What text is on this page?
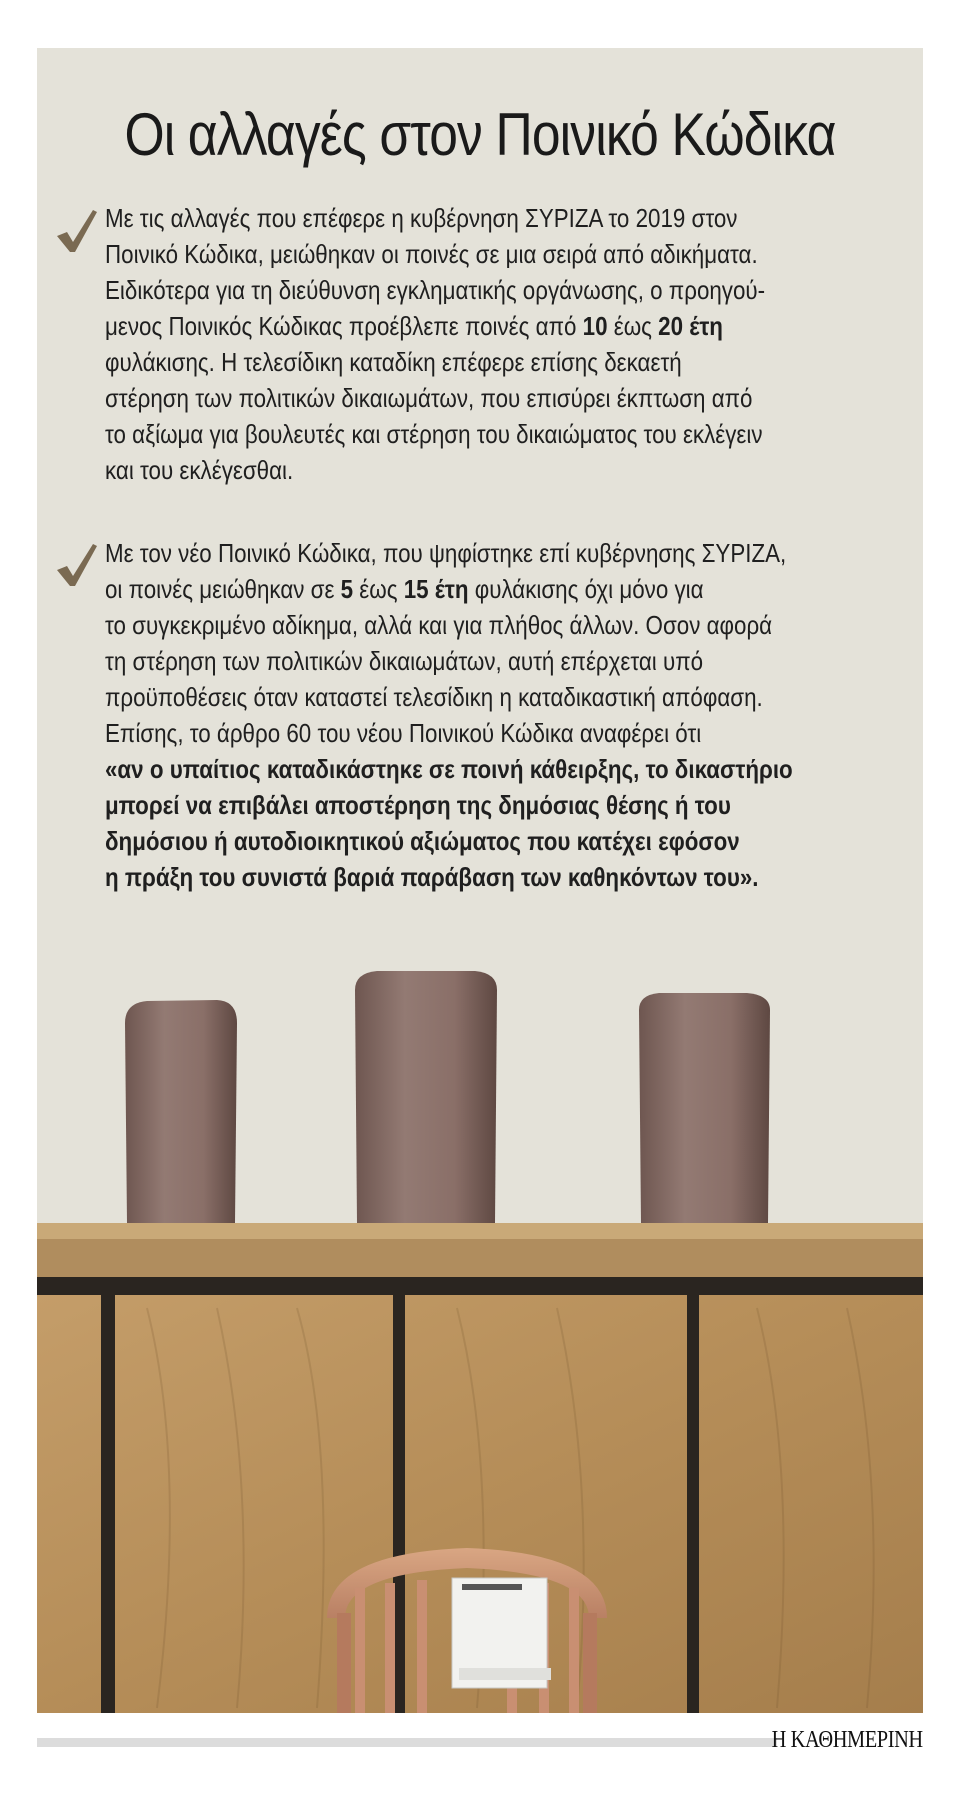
Οι αλλαγές στον Ποινικό Κώδικα
Με τις αλλαγές που επέφερε η κυβέρνηση ΣΥΡΙΖΑ το 2019 στον
Ποινικό Κώδικα, μειώθηκαν οι ποινές σε μια σειρά από αδικήματα.
Ειδικότερα για τη διεύθυνση εγκληματικής οργάνωσης, ο προηγού-
μενος Ποινικός Κώδικας προέβλεπε ποινές από 10 έως 20 έτη
φυλάκισης. Η τελεσίδικη καταδίκη επέφερε επίσης δεκαετή
στέρηση των πολιτικών δικαιωμάτων, που επισύρει έκπτωση από
το αξίωμα για βουλευτές και στέρηση του δικαιώματος του εκλέγειν
και του εκλέγεσθαι.
Με τον νέο Ποινικό Κώδικα, που ψηφίστηκε επί κυβέρνησης ΣΥΡΙΖΑ,
οι ποινές μειώθηκαν σε 5 έως 15 έτη φυλάκισης όχι μόνο για
το συγκεκριμένο αδίκημα, αλλά και για πλήθος άλλων. Οσον αφορά
τη στέρηση των πολιτικών δικαιωμάτων, αυτή επέρχεται υπό
προϋποθέσεις όταν καταστεί τελεσίδικη η καταδικαστική απόφαση.
Επίσης, το άρθρο 60 του νέου Ποινικού Κώδικα αναφέρει ότι
«αν ο υπαίτιος καταδικάστηκε σε ποινή κάθειρξης, το δικαστήριο
μπορεί να επιβάλει αποστέρηση της δημόσιας θέσης ή του
δημόσιου ή αυτοδιοικητικού αξιώματος που κατέχει εφόσον
η πράξη του συνιστά βαριά παράβαση των καθηκόντων του».
Η ΚΑΘΗΜΕΡΙΝΗ
